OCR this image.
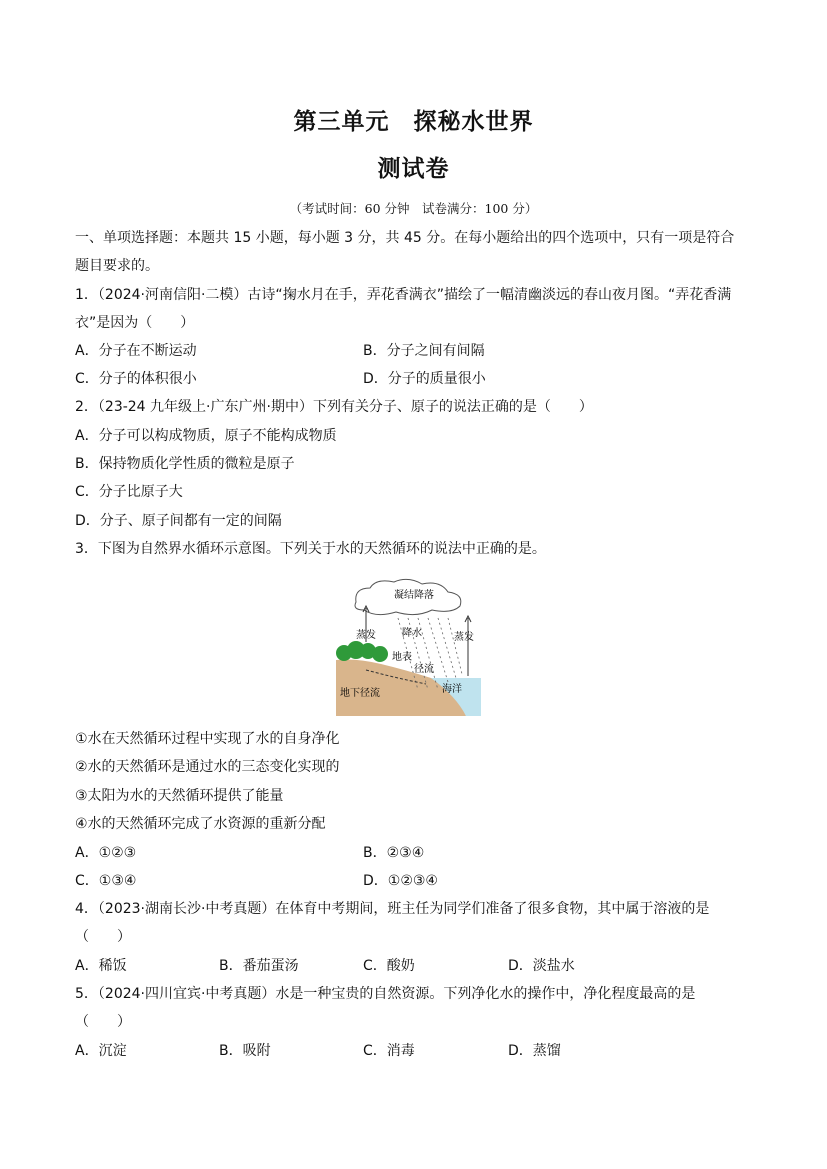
第三单元　探秘水世界
测试卷
（考试时间：60 分钟　试卷满分：100 分）
一、单项选择题：本题共 15 小题，每小题 3 分，共 45 分。在每小题给出的四个选项中，只有一项是符合
题目要求的。
1．（2024·河南信阳·二模）古诗“掬水月在手，弄花香满衣”描绘了一幅清幽淡远的春山夜月图。“弄花香满
衣”是因为（　　）
A．分子在不断运动	B．分子之间有间隔
C．分子的体积很小	D．分子的质量很小
2．（23-24 九年级上·广东广州·期中）下列有关分子、原子的说法正确的是（　　）
A．分子可以构成物质，原子不能构成物质
B．保持物质化学性质的微粒是原子
C．分子比原子大
D．分子、原子间都有一定的间隔
3．下图为自然界水循环示意图。下列关于水的天然循环的说法中正确的是。
凝结降落
蒸发	降水	蒸发
地表
径流
地下径流	海洋
①水在天然循环过程中实现了水的自身净化
②水的天然循环是通过水的三态变化实现的
③太阳为水的天然循环提供了能量
④水的天然循环完成了水资源的重新分配
A．①②③	B．②③④
C．①③④	D．①②③④
4．（2023·湖南长沙·中考真题）在体育中考期间，班主任为同学们准备了很多食物，其中属于溶液的是
（　　）
A．稀饭	B．番茄蛋汤	C．酸奶	D．淡盐水
5．（2024·四川宜宾·中考真题）水是一种宝贵的自然资源。下列净化水的操作中，净化程度最高的是
（　　）
A．沉淀	B．吸附	C．消毒	D．蒸馏
